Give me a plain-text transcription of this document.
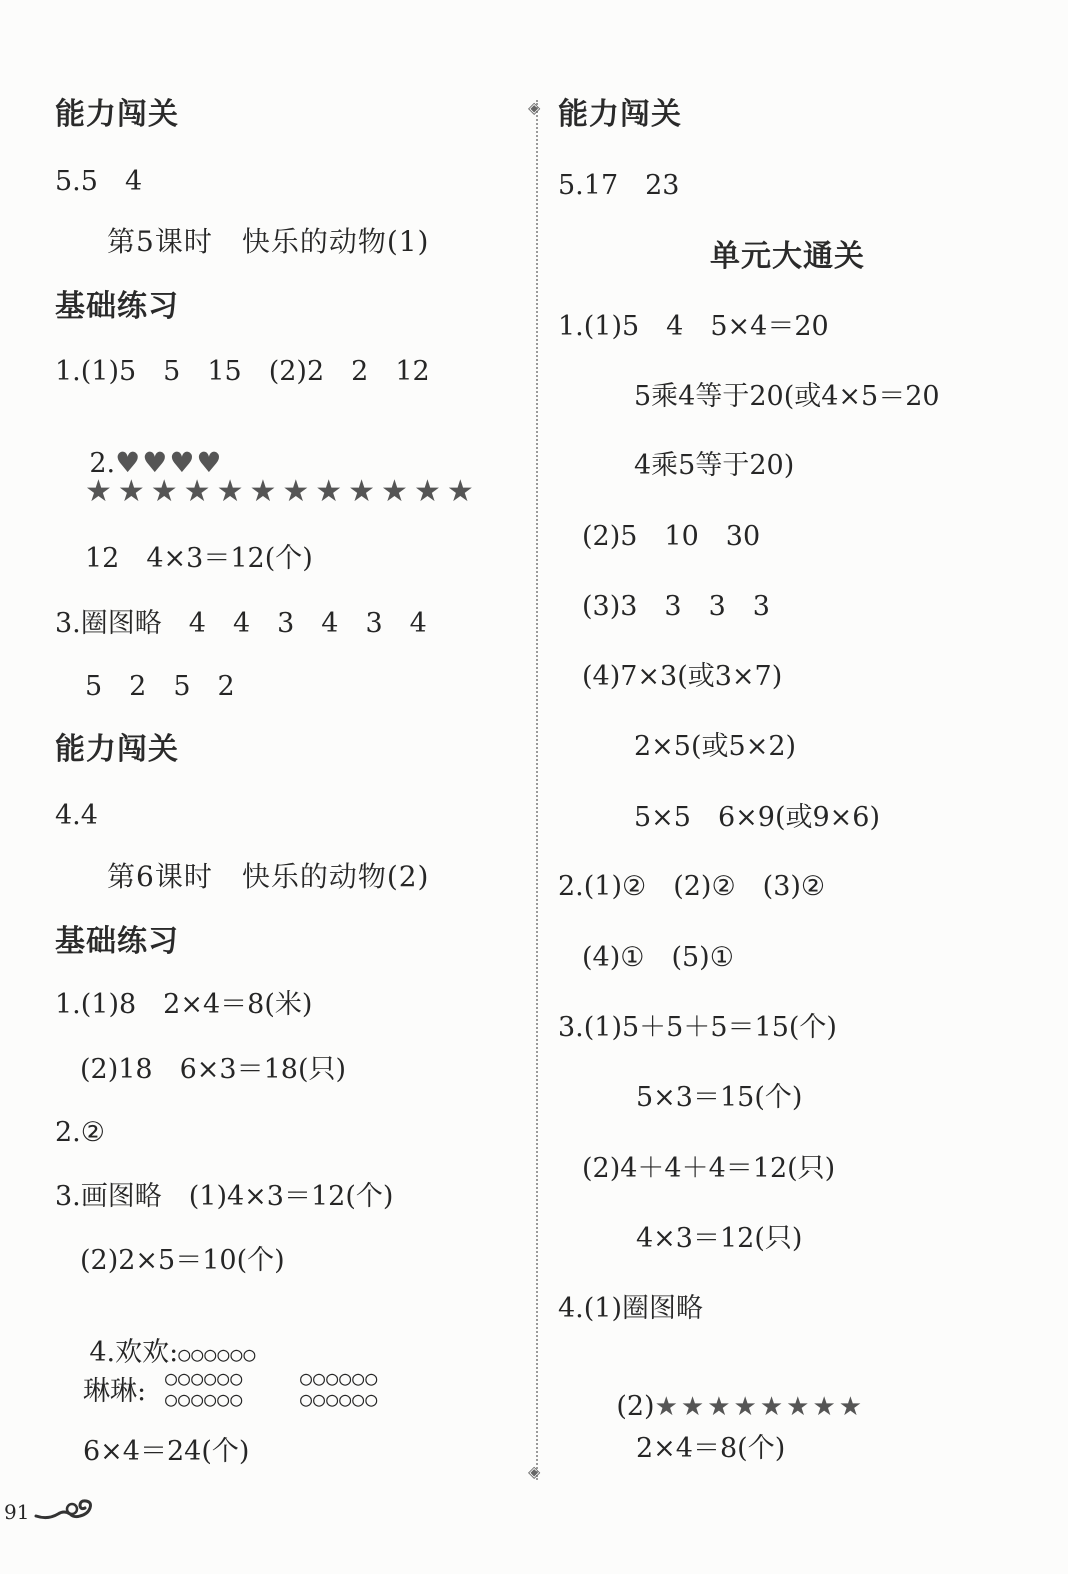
能力闯关
5.5　4
第5课时　快乐的动物(1)
基础练习
1.(1)5　5　15　(2)2　2　12

2.♥♥♥♥

★★★★★★★★★★★★
12　4×3＝12(个)
3.圈图略　4　4　3　4　3　4
5　2　5　2
能力闯关
4.4
第6课时　快乐的动物(2)
基础练习
1.(1)8　2×4＝8(米)
(2)18　6×3＝18(只)
2.②
3.画图略　(1)4×3＝12(个)
(2)2×5＝10(个)

4.欢欢:○○○○○○

琳琳: ○○○○○○
○○○○○○
○○○○○○
○○○○○○
6×4＝24(个)
◈
◈
能力闯关
5.17　23
单元大通关
1.(1)5　4　5×4＝20
5乘4等于20(或4×5＝20
4乘5等于20)
(2)5　10　30
(3)3　3　3　3
(4)7×3(或3×7)
2×5(或5×2)
5×5　6×9(或9×6)
2.(1)②　(2)②　(3)②
(4)①　(5)①
3.(1)5＋5＋5＝15(个)
5×3＝15(个)
(2)4＋4＋4＝12(只)
4×3＝12(只)
4.(1)圈图略

(2)★★★★★★★★

2×4＝8(个)
91
